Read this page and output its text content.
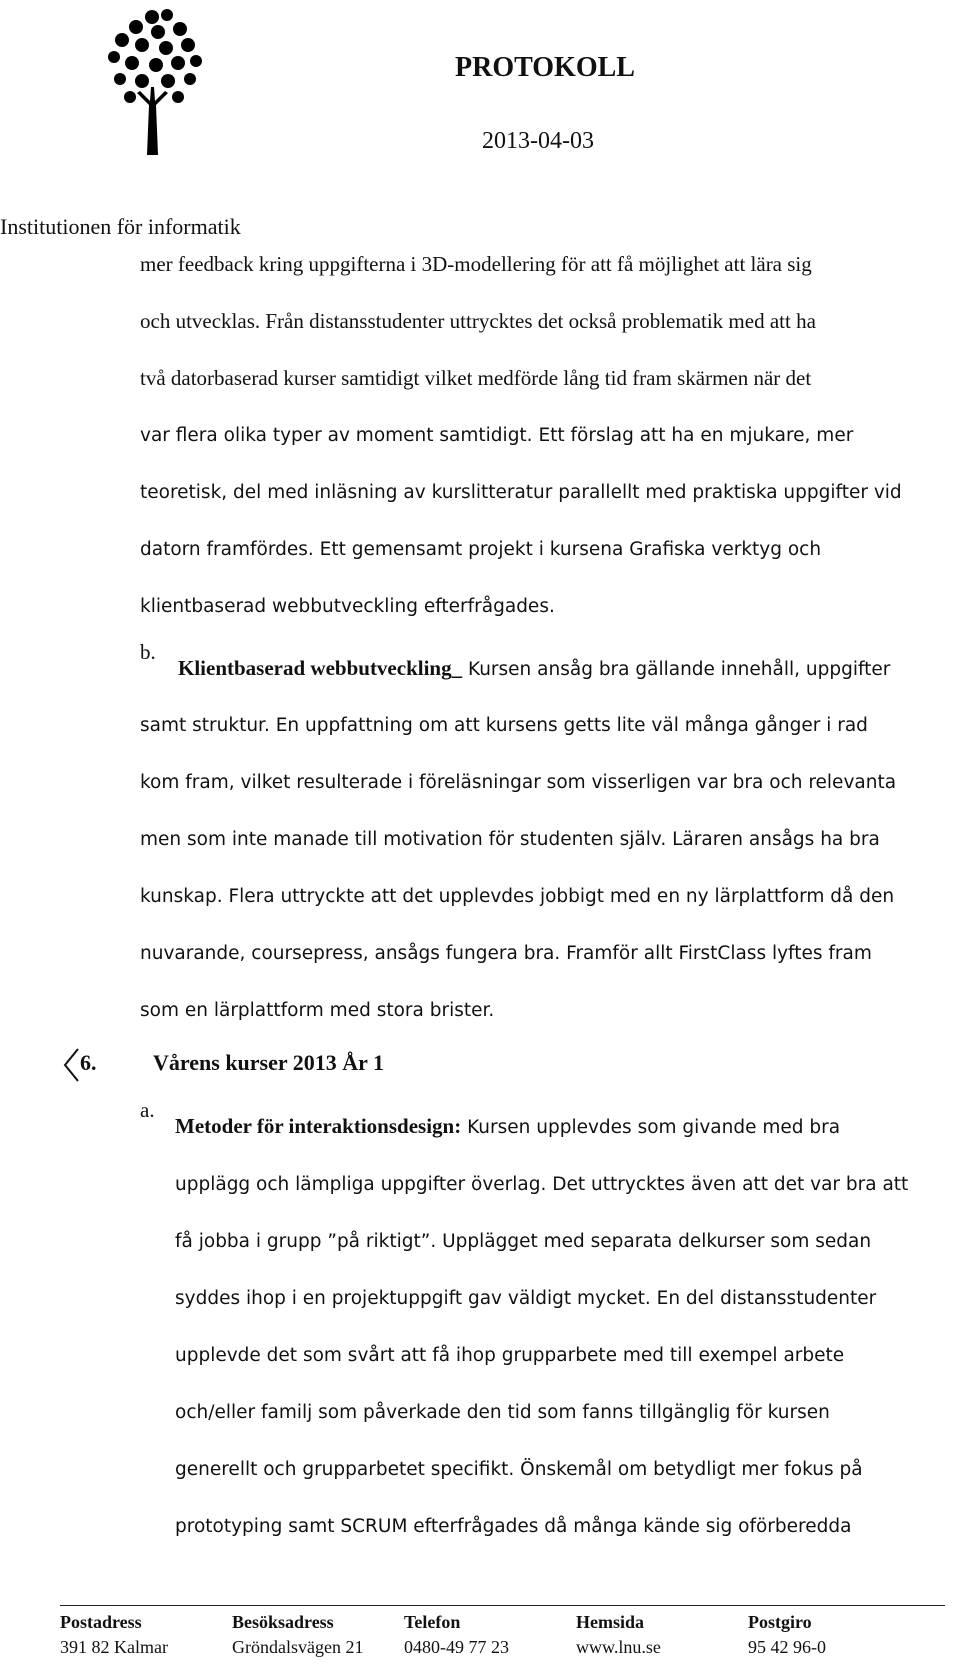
PROTOKOLL
2013-04-03
Institutionen för informatik
mer feedback kring uppgifterna i 3D-modellering för att få möjlighet att lära sig
och utvecklas. Från distansstudenter uttrycktes det också problematik med att ha
två datorbaserad kurser samtidigt vilket medförde lång tid fram skärmen när det
var flera olika typer av moment samtidigt. Ett förslag att ha en mjukare, mer
teoretisk, del med inläsning av kurslitteratur parallellt med praktiska uppgifter vid
datorn framfördes. Ett gemensamt projekt i kursena Grafiska verktyg och
klientbaserad webbutveckling efterfrågades.
b.
Klientbaserad webbutveckling_ Kursen ansåg bra gällande innehåll, uppgifter
samt struktur. En uppfattning om att kursens getts lite väl många gånger i rad
kom fram, vilket resulterade i föreläsningar som visserligen var bra och relevanta
men som inte manade till motivation för studenten själv. Läraren ansågs ha bra
kunskap. Flera uttryckte att det upplevdes jobbigt med en ny lärplattform då den
nuvarande, coursepress, ansågs fungera bra. Framför allt FirstClass lyftes fram
som en lärplattform med stora brister.
6.	Vårens kurser 2013 År 1
a.
Metoder för interaktionsdesign: Kursen upplevdes som givande med bra
upplägg och lämpliga uppgifter överlag. Det uttrycktes även att det var bra att
få jobba i grupp ”på riktigt”. Upplägget med separata delkurser som sedan
syddes ihop i en projektuppgift gav väldigt mycket. En del distansstudenter
upplevde det som svårt att få ihop grupparbete med till exempel arbete
och/eller familj som påverkade den tid som fanns tillgänglig för kursen
generellt och grupparbetet specifikt. Önskemål om betydligt mer fokus på
prototyping samt SCRUM efterfrågades då många kände sig oförberedda
Postadress
391 82 Kalmar
Besöksadress
Gröndalsvägen 21
Telefon
0480-49 77 23
Hemsida
www.lnu.se
Postgiro
95 42 96-0
